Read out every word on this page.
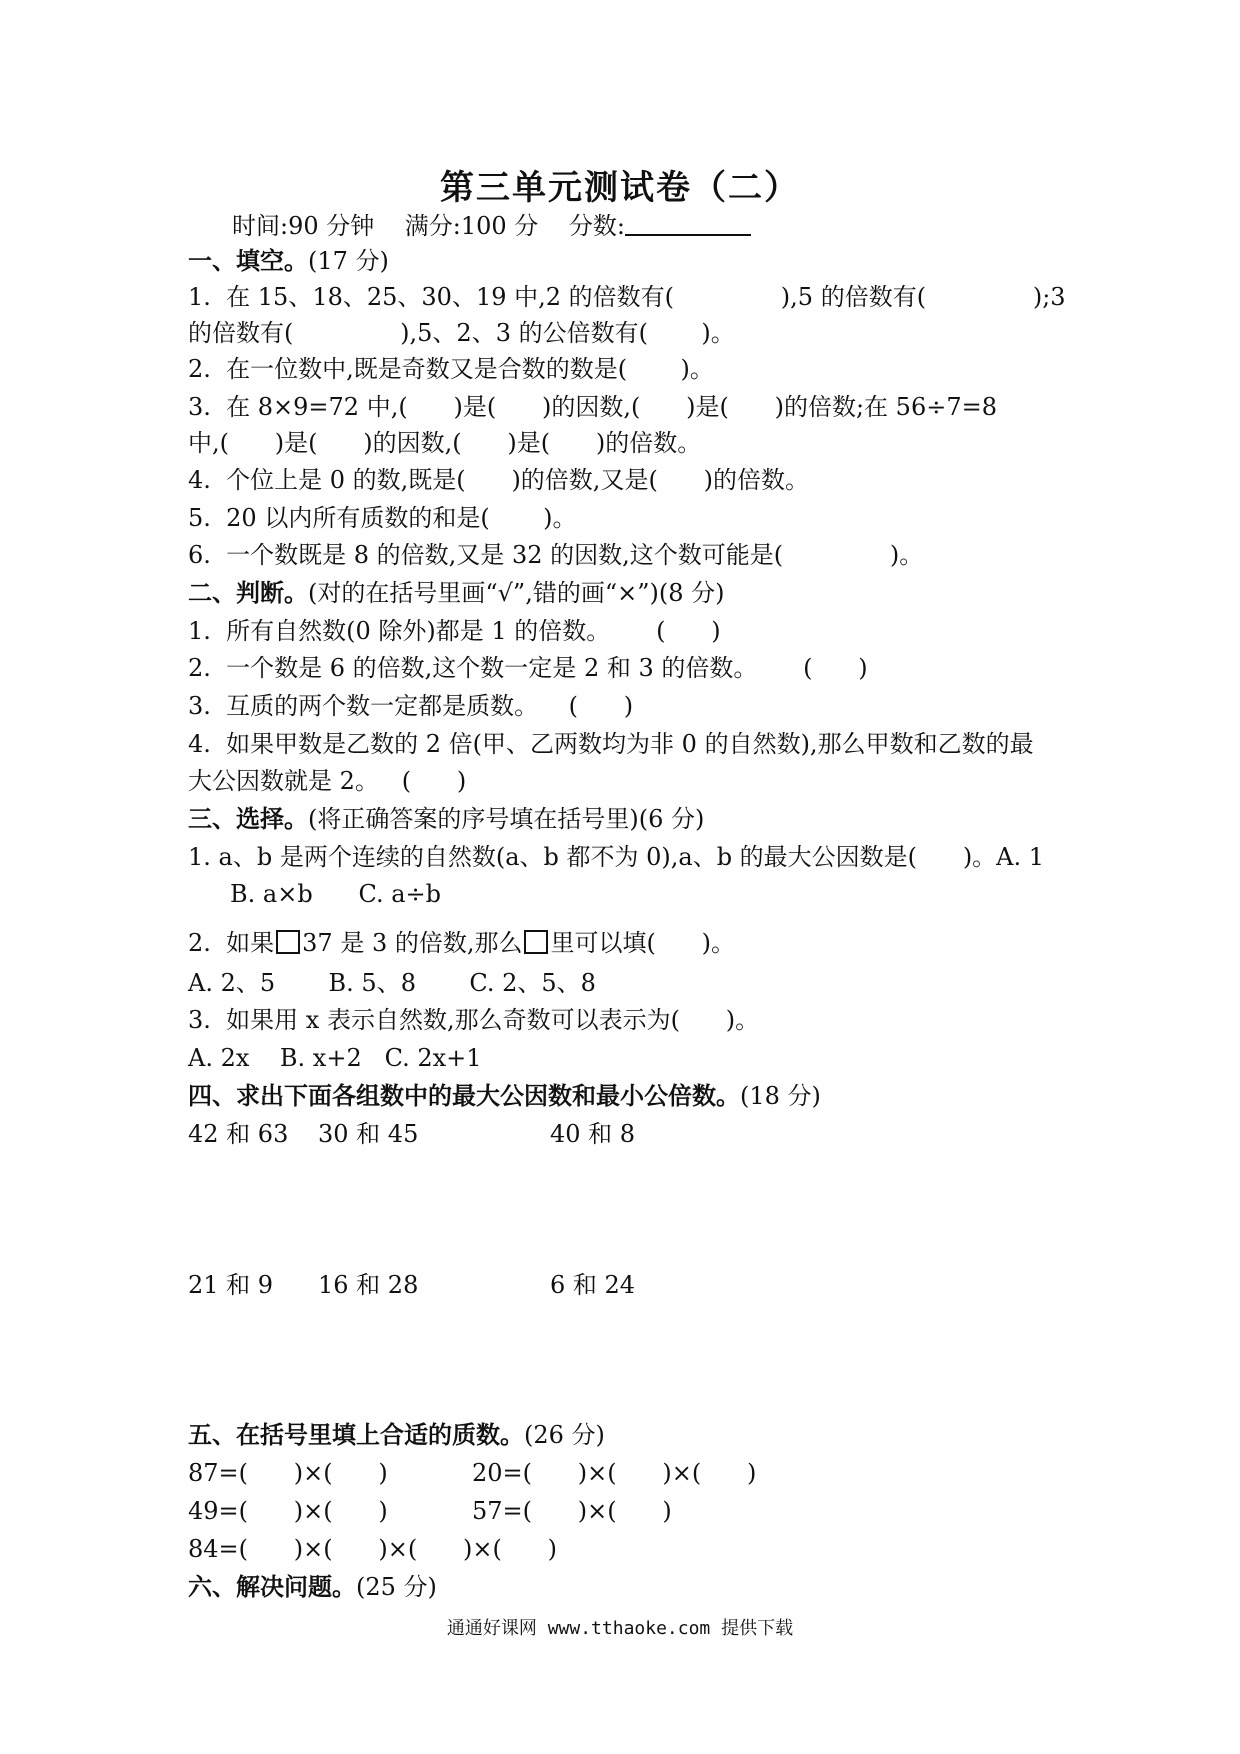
第三单元测试卷（二）
时间:90 分钟 满分:100 分 分数:
一、填空。(17 分)
1.  在 15、18、25、30、19 中,2 的倍数有(              ),5 的倍数有(              );3
的倍数有(              ),5、2、3 的公倍数有(       )。
2.  在一位数中,既是奇数又是合数的数是(       )。
3.  在 8×9=72 中,(      )是(      )的因数,(      )是(      )的倍数;在 56÷7=8
中,(      )是(      )的因数,(      )是(      )的倍数。
4.  个位上是 0 的数,既是(      )的倍数,又是(      )的倍数。
5.  20 以内所有质数的和是(       )。
6.  一个数既是 8 的倍数,又是 32 的因数,这个数可能是(              )。
二、判断。(对的在括号里画“√”,错的画“×”)(8 分)
1.  所有自然数(0 除外)都是 1 的倍数。      (      )
2.  一个数是 6 的倍数,这个数一定是 2 和 3 的倍数。      (      )
3.  互质的两个数一定都是质数。    (      )
4.  如果甲数是乙数的 2 倍(甲、乙两数均为非 0 的自然数),那么甲数和乙数的最
大公因数就是 2。   (      )
三、选择。(将正确答案的序号填在括号里)(6 分)
1. a、b 是两个连续的自然数(a、b 都不为 0),a、b 的最大公因数是(      )。A. 1
B. a×b      C. a÷b
2.  如果 37 是 3 的倍数,那么 里可以填(      )。
A. 2、5       B. 5、8       C. 2、5、8
3.  如果用 x 表示自然数,那么奇数可以表示为(      )。
A. 2x    B. x+2   C. 2x+1
四、求出下面各组数中的最大公因数和最小公倍数。(18 分)
42 和 63 30 和 45	40 和 8
21 和 9 16 和 28	6 和 24
五、在括号里填上合适的质数。(26 分)
87=(      )×(      )	20=(      )×(      )×(      )
49=(      )×(      )	57=(      )×(      )
84=(      )×(      )×(      )×(      )
六、解决问题。(25 分)
通通好课网 www.tthaoke.com 提供下载
